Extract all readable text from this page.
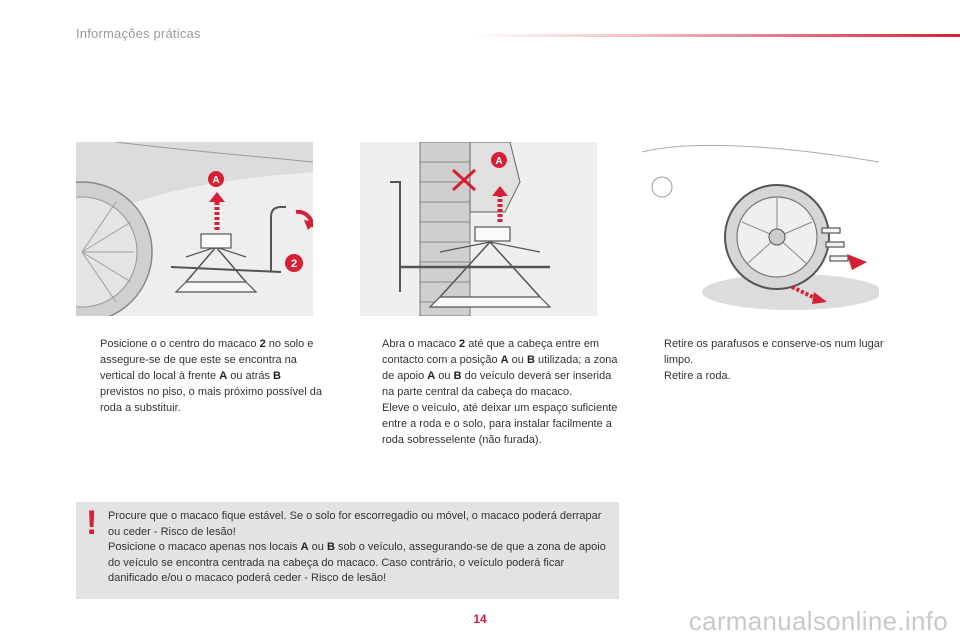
Informações práticas
A
2
A

Posicione o o centro do macaco 2 no solo e assegure-se de que este se encontra na vertical do local à frente A ou atrás B previstos no piso, o mais próximo possível da roda a substituir.

Abra o macaco 2 até que a cabeça entre em contacto com a posição A ou B utilizada; a zona de apoio A ou B do veículo deverá ser inserida na parte central da cabeça do macaco.

Eleve o veículo, até deixar um espaço suficiente entre a roda e o solo, para instalar facilmente a roda sobresselente (não furada).

Retire os parafusos e conserve-os num lugar limpo.

Retire a roda.

! Procure que o macaco fique estável. Se o solo for escorregadio ou móvel, o macaco poderá derrapar ou ceder - Risco de lesão!
Posicione o macaco apenas nos locais A ou B sob o veículo, assegurando-se de que a zona de apoio do veículo se encontra centrada na cabeça do macaco. Caso contrário, o veículo poderá ficar danificado e/ou o macaco poderá ceder - Risco de lesão!
14	carmanualsonline.info
